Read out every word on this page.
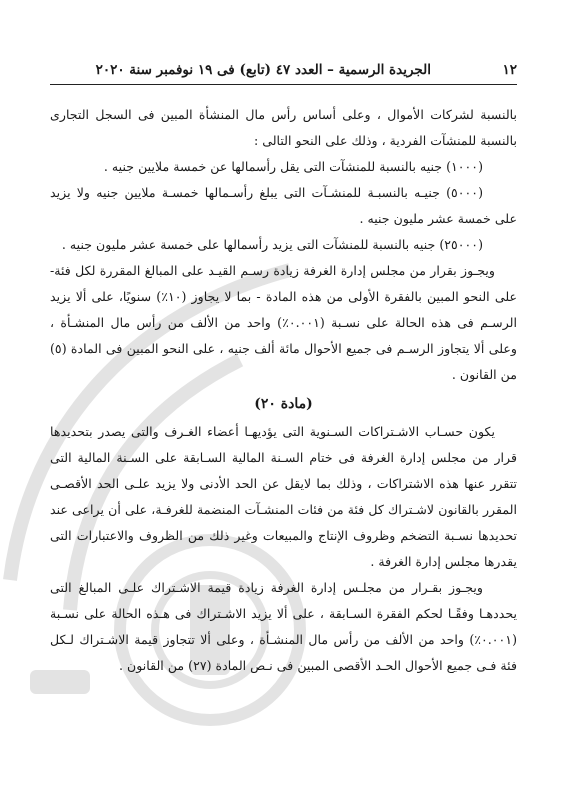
١٢
الجريدة الرسمية – العدد ٤٧ (تابع) فى ١٩ نوفمبر سنة ٢٠٢٠

بالنسبة لشركات الأموال ، وعلى أساس رأس مال المنشأة المبين فى السجل التجارى بالنسبة للمنشآت الفردية ، وذلك على النحو التالى :

(١٠٠٠) جنيه بالنسبة للمنشآت التى يقل رأسمالها عن خمسة ملايين جنيه .

(٥٠٠٠) جنيـه بالنسبـة للمنشـآت التى يبلغ رأسـمالها خمسـة ملايين جنيه ولا يزيد على خمسة عشر مليون جنيه .

(٢٥٠٠٠) جنيه بالنسبة للمنشآت التى يزيد رأسمالها على خمسة عشر مليون جنيه .

ويجـوز بقرار من مجلس إدارة الغرفة زيادة رسـم القيـد على المبالغ المقررة لكل فئة- على النحو المبين بالفقرة الأولى من هذه المادة - بما لا يجاوز (١٠٪) سنويًا، على ألا يزيد الرسـم فى هذه الحالة على نسـبة (٠.٠٠١٪) واحد من الألف من رأس مال المنشـأة ، وعلى ألا يتجاوز الرسـم فى جميع الأحوال مائة ألف جنيه ، على النحو المبين فى المادة (٥) من القانون .

(مادة ٢٠)

يكون حسـاب الاشـتراكات السـنوية التى يؤديهـا أعضاء الغـرف والتى يصدر بتحديدها قرار من مجلس إدارة الغرفة فى ختام السـنة المالية السـابقة على السـنة المالية التى تتقرر عنها هذه الاشتراكات ، وذلك بما لايقل عن الحد الأدنى ولا يزيد علـى الحد الأقصـى المقرر بالقانون لاشـتراك كل فئة من فئات المنشـآت المنضمة للغرفـة، على أن يراعى عند تحديدها نسـبة التضخم وظروف الإنتاج والمبيعات وغير ذلك من الظروف والاعتبارات التى يقدرها مجلس إدارة الغرفة .

ويجـوز بقـرار من مجلـس إدارة الغرفة زيادة قيمة الاشـتراك علـى المبالغ التى يحددهـا وفقًـا لحكم الفقرة السـابقة ، على ألا يزيد الاشـتراك فى هـذه الحالة على نسـبة (٠.٠٠١٪) واحد من الألف من رأس مال المنشـأة ، وعلى ألا تتجاوز قيمة الاشـتراك لـكل فئة فـى جميع الأحوال الحـد الأقصى المبين فى نـص المادة (٢٧) من القانون .
